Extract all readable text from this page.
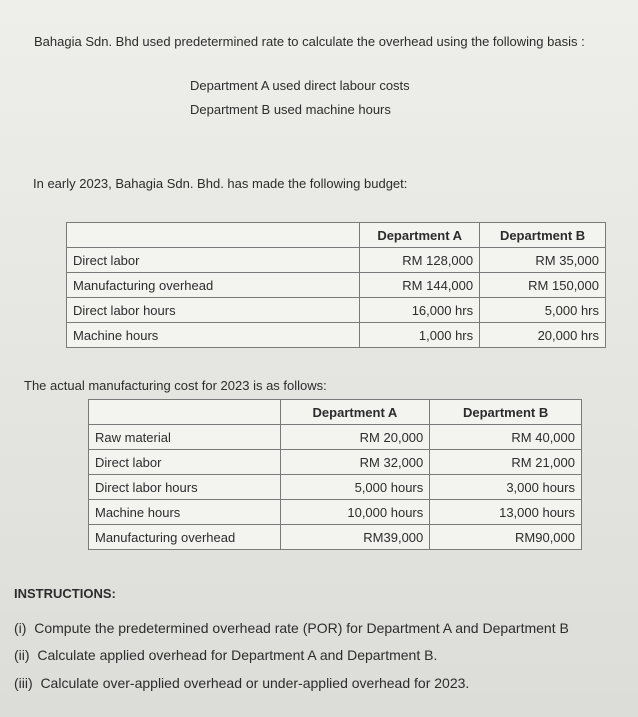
Bahagia Sdn. Bhd used predetermined rate to calculate the overhead using the following basis :
Department A used direct labour costs
Department B used machine hours
In early 2023, Bahagia Sdn. Bhd. has made the following budget:
	Department A	Department B
Direct labor	RM 128,000	RM 35,000
Manufacturing overhead	RM 144,000	RM 150,000
Direct labor hours	16,000 hrs	5,000 hrs
Machine hours	1,000 hrs	20,000 hrs
The actual manufacturing cost for 2023 is as follows:
	Department A	Department B
Raw material	RM 20,000	RM 40,000
Direct labor	RM 32,000	RM 21,000
Direct labor hours	5,000 hours	3,000 hours
Machine hours	10,000 hours	13,000 hours
Manufacturing overhead	RM39,000	RM90,000
INSTRUCTIONS:
(i) Compute the predetermined overhead rate (POR) for Department A and Department B
(ii) Calculate applied overhead for Department A and Department B.
(iii) Calculate over-applied overhead or under-applied overhead for 2023.
